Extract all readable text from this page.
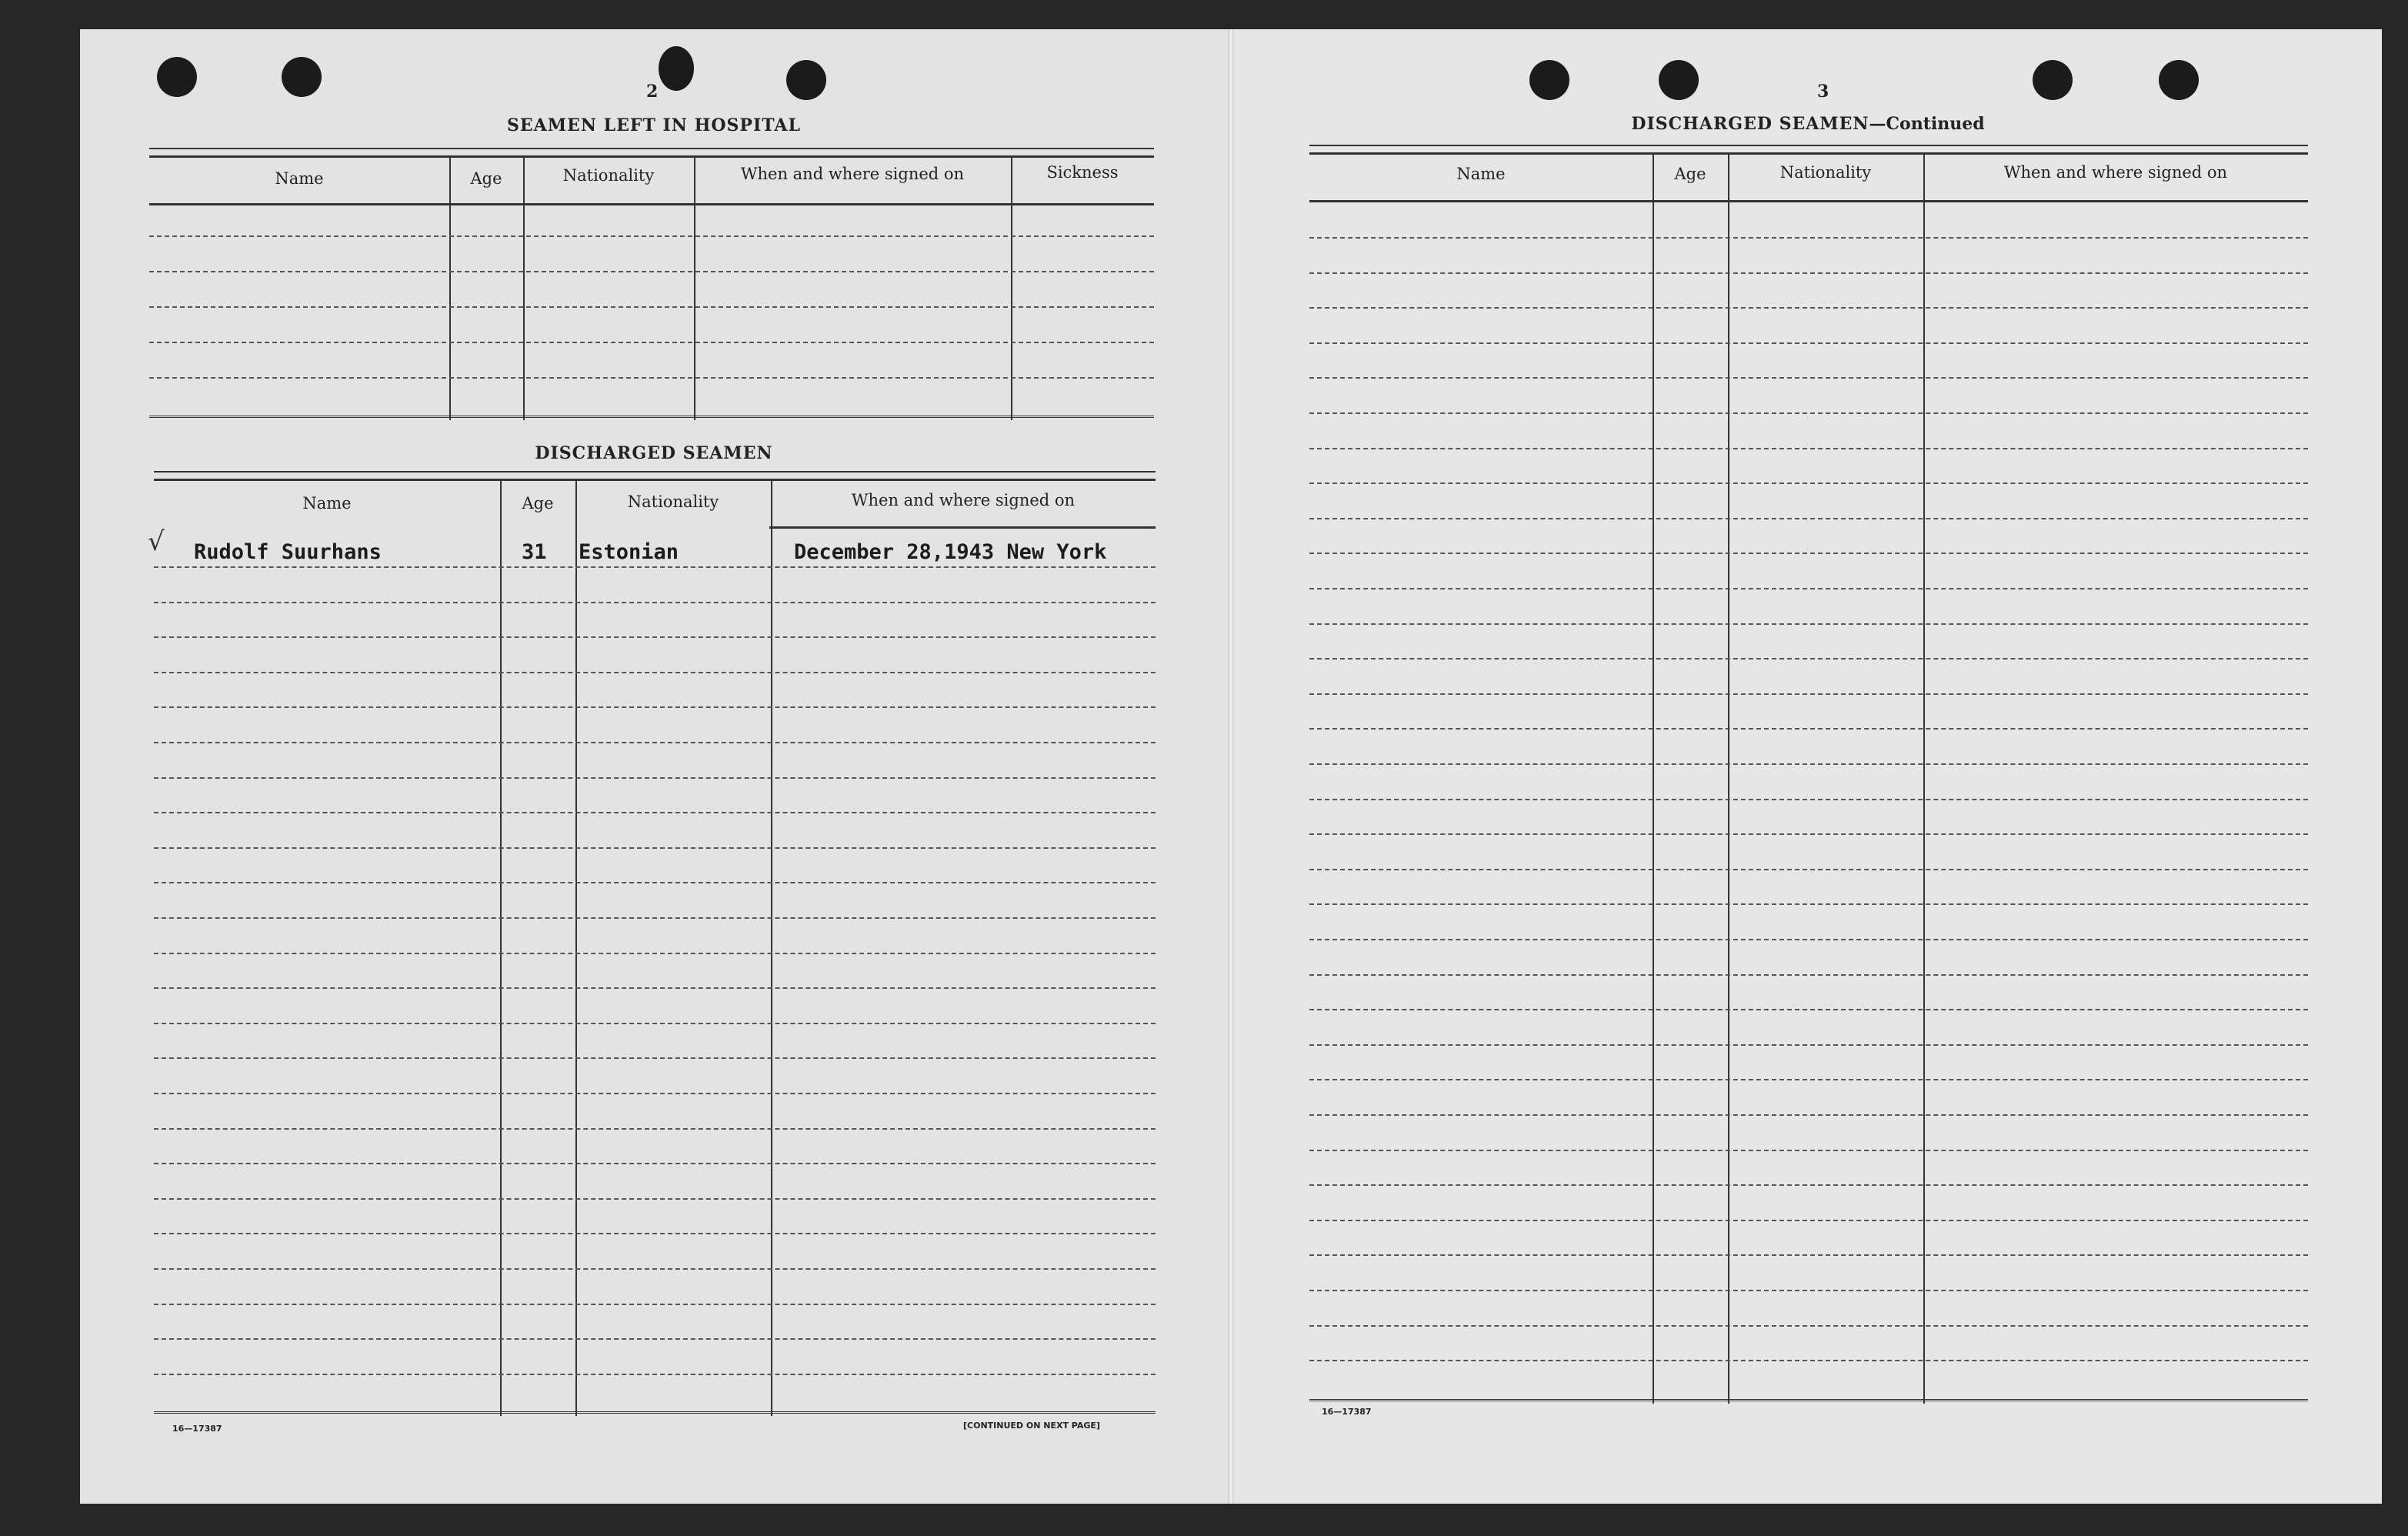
2
SEAMEN LEFT IN HOSPITAL
Name	Age	Nationality	When and where signed on	Sickness
DISCHARGED SEAMEN
Name	Age	Nationality	When and where signed on
√ Rudolf Suurhans	31 Estonian	December 28,1943 New York
16—17387	[CONTINUED ON NEXT PAGE]
3
DISCHARGED SEAMEN—Continued
Name	Age	Nationality	When and where signed on
16—17387
